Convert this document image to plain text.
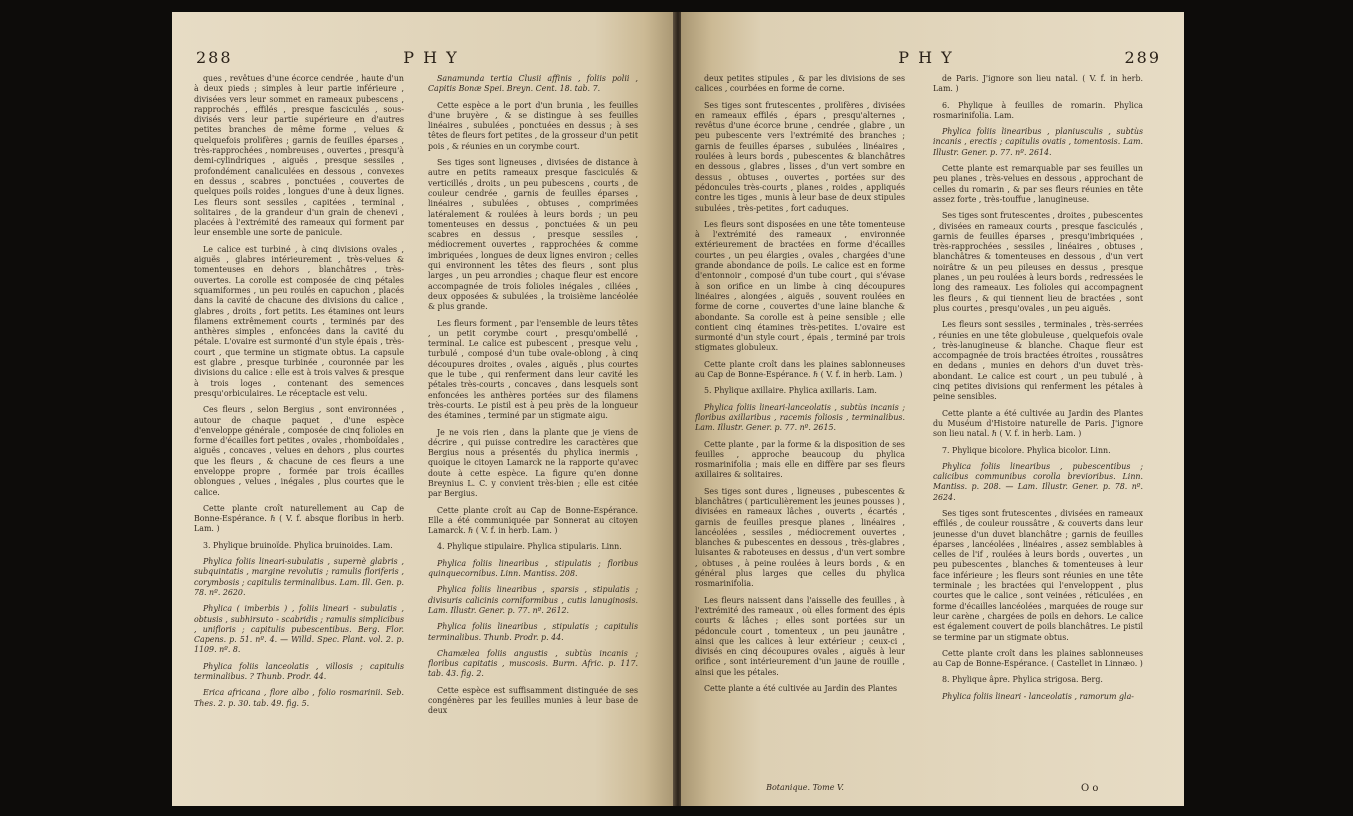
P H Y
288

ques , revêtues d'une écorce cendrée , haute d'un à deux pieds ; simples à leur partie inférieure , divisées vers leur sommet en rameaux pubescens , rapprochés , effilés , presque fasciculés , sous-divisés vers leur partie supérieure en d'autres petites branches de même forme , velues & quelquefois prolifères ; garnis de feuilles éparses , très-rapprochées , nombreuses , ouvertes , presqu'à demi-cylindriques , aiguës , presque sessiles , profondément canaliculées en dessous , convexes en dessus , scabres , ponctuées , couvertes de quelques poils roides , longues d'une à deux lignes. Les fleurs sont sessiles , capitées , terminal , solitaires , de la grandeur d'un grain de chenevi , placées à l'extrémité des rameaux qui forment par leur ensemble une sorte de panicule.

Le calice est turbiné , à cinq divisions ovales , aiguës , glabres intérieurement , très-velues & tomenteuses en dehors , blanchâtres , très-ouvertes. La corolle est composée de cinq pétales squamiformes , un peu roulés en capuchon , placés dans la cavité de chacune des divisions du calice , glabres , droits , fort petits. Les étamines ont leurs filamens extrêmement courts , terminés par des anthères simples , enfoncées dans la cavité du pétale. L'ovaire est surmonté d'un style épais , très-court , que termine un stigmate obtus. La capsule est glabre , presque turbinée , couronnée par les divisions du calice : elle est à trois valves & presque à trois loges , contenant des semences presqu'orbiculaires. Le réceptacle est velu.

Ces fleurs , selon Bergius , sont environnées , autour de chaque paquet , d'une espèce d'enveloppe générale , composée de cinq folioles en forme d'écailles fort petites , ovales , rhomboïdales , aiguës , concaves , velues en dehors , plus courtes que les fleurs , & chacune de ces fleurs a une enveloppe propre , formée par trois écailles oblongues , velues , inégales , plus courtes que le calice.

Cette plante croît naturellement au Cap de Bonne-Espérance. ℏ ( V. f. absque floribus in herb. Lam. )

3. Phylique bruinoïde. Phylica bruinoides. Lam.

Phylica foliis lineari-subulatis , supernè glabris , subquintatis , margine revolutis ; ramulis floriferis , corymbosis ; capitulis terminalibus. Lam. Ill. Gen. p. 78. nº. 2620.

Phylica ( imberbis ) , foliis lineari - subulatis , obtusis , subhirsuto - scabridis ; ramulis simplicibus , unifloris ; capitulis pubescentibus. Berg. Flor. Capens. p. 51. nº. 4. — Willd. Spec. Plant. vol. 2. p. 1109. nº. 8.

Phylica foliis lanceolatis , villosis ; capitulis terminalibus. ? Thunb. Prodr. 44.

Erica africana , flore albo , folio rosmarinii. Seb. Thes. 2. p. 30. tab. 49. fig. 5.

Sanamunda tertia Clusii affinis , foliis polii , Capitis Bonæ Spei. Breyn. Cent. 18. tab. 7.

Cette espèce a le port d'un brunia , les feuilles d'une bruyère , & se distingue à ses feuilles linéaires , subulées , ponctuées en dessus ; à ses têtes de fleurs fort petites , de la grosseur d'un petit pois , & réunies en un corymbe court.

Ses tiges sont ligneuses , divisées de distance à autre en petits rameaux presque fasciculés & verticillés , droits , un peu pubescens , courts , de couleur cendrée , garnis de feuilles éparses , linéaires , subulées , obtuses , comprimées latéralement & roulées à leurs bords ; un peu tomenteuses en dessus , ponctuées & un peu scabres en dessus , presque sessiles , médiocrement ouvertes , rapprochées & comme imbriquées , longues de deux lignes environ ; celles qui environnent les têtes des fleurs , sont plus larges , un peu arrondies ; chaque fleur est encore accompagnée de trois folioles inégales , ciliées , deux opposées & subulées , la troisième lancéolée & plus grande.

Les fleurs forment , par l'ensemble de leurs têtes , un petit corymbe court , presqu'ombellé , terminal. Le calice est pubescent , presque velu , turbulé , composé d'un tube ovale-oblong , à cinq découpures droites , ovales , aiguës , plus courtes que le tube , qui renferment dans leur cavité les pétales très-courts , concaves , dans lesquels sont enfoncées les anthères portées sur des filamens très-courts. Le pistil est à peu près de la longueur des étamines , terminé par un stigmate aigu.

Je ne vois rien , dans la plante que je viens de décrire , qui puisse contredire les caractères que Bergius nous a présentés du phylica inermis , quoique le citoyen Lamarck ne la rapporte qu'avec doute à cette espèce. La figure qu'en donne Breynius L. C. y convient très-bien ; elle est citée par Bergius.

Cette plante croît au Cap de Bonne-Espérance. Elle a été communiquée par Sonnerat au citoyen Lamarck. ℏ ( V. f. in herb. Lam. )

4. Phylique stipulaire. Phylica stipularis. Linn.

Phylica foliis linearibus , stipulatis ; floribus quinquecornibus. Linn. Mantiss. 208.

Phylica foliis linearibus , sparsis , stipulatis ; divisuris calicinis corniformibus , cutis lanuginosis. Lam. Illustr. Gener. p. 77. nº. 2612.

Phylica foliis linearibus , stipulatis ; capitulis terminalibus. Thunb. Prodr. p. 44.

Chamælea foliis angustis , subtùs incanis ; floribus capitatis , muscosis. Burm. Afric. p. 117. tab. 43. fig. 2.

Cette espèce est suffisamment distinguée de ses congénères par les feuilles munies à leur base de deux

P H Y	289

deux petites stipules , & par les divisions de ses calices , courbées en forme de corne.

Ses tiges sont frutescentes , prolifères , divisées en rameaux effilés , épars , presqu'alternes , revêtus d'une écorce brune , cendrée , glabre , un peu pubescente vers l'extrémité des branches ; garnis de feuilles éparses , subulées , linéaires , roulées à leurs bords , pubescentes & blanchâtres en dessous , glabres , lisses , d'un vert sombre en dessus , obtuses , ouvertes , portées sur des pédoncules très-courts , planes , roides , appliqués contre les tiges , munis à leur base de deux stipules subulées , très-petites , fort caduques.

Les fleurs sont disposées en une tête tomenteuse à l'extrémité des rameaux , environnée extérieurement de bractées en forme d'écailles courtes , un peu élargies , ovales , chargées d'une grande abondance de poils. Le calice est en forme d'entonnoir , composé d'un tube court , qui s'évase à son orifice en un limbe à cinq découpures linéaires , alongées , aiguës , souvent roulées en forme de corne , couvertes d'une laine blanche & abondante. Sa corolle est à peine sensible ; elle contient cinq étamines très-petites. L'ovaire est surmonté d'un style court , épais , terminé par trois stigmates globuleux.

Cette plante croît dans les plaines sablonneuses au Cap de Bonne-Espérance. ℏ ( V. f. in herb. Lam. )

5. Phylique axillaire. Phylica axillaris. Lam.

Phylica foliis lineari-lanceolatis , subtùs incanis ; floribus axillaribus , racemis foliosis , terminalibus. Lam. Illustr. Gener. p. 77. nº. 2615.

Cette plante , par la forme & la disposition de ses feuilles , approche beaucoup du phylica rosmarinifolia ; mais elle en diffère par ses fleurs axillaires & solitaires.

Ses tiges sont dures , ligneuses , pubescentes & blanchâtres ( particulièrement les jeunes pousses ) , divisées en rameaux lâches , ouverts , écartés , garnis de feuilles presque planes , linéaires , lancéolées , sessiles , médiocrement ouvertes , blanches & pubescentes en dessous , très-glabres , luisantes & raboteuses en dessus , d'un vert sombre , obtuses , à peine roulées à leurs bords , & en général plus larges que celles du phylica rosmarinifolia.

Les fleurs naissent dans l'aisselle des feuilles , à l'extrémité des rameaux , où elles forment des épis courts & lâches ; elles sont portées sur un pédoncule court , tomenteux , un peu jaunâtre , ainsi que les calices à leur extérieur ; ceux-ci , divisés en cinq découpures ovales , aiguës à leur orifice , sont intérieurement d'un jaune de rouille , ainsi que les pétales.

Cette plante a été cultivée au Jardin des Plantes

de Paris. J'ignore son lieu natal. ( V. f. in herb. Lam. )

6. Phylique à feuilles de romarin. Phylica rosmarinifolia. Lam.

Phylica foliis linearibus , planiusculis , subtùs incanis , erectis ; capitulis ovatis , tomentosis. Lam. Illustr. Gener. p. 77. nº. 2614.

Cette plante est remarquable par ses feuilles un peu planes , très-velues en dessous , approchant de celles du romarin , & par ses fleurs réunies en tête assez forte , très-touffue , lanugineuse.

Ses tiges sont frutescentes , droites , pubescentes , divisées en rameaux courts , presque fasciculés , garnis de feuilles éparses , presqu'imbriquées , très-rapprochées , sessiles , linéaires , obtuses , blanchâtres & tomenteuses en dessous , d'un vert noirâtre & un peu pileuses en dessus , presque planes , un peu roulées à leurs bords , redressées le long des rameaux. Les folioles qui accompagnent les fleurs , & qui tiennent lieu de bractées , sont plus courtes , presqu'ovales , un peu aiguës.

Les fleurs sont sessiles , terminales , très-serrées , réunies en une tête globuleuse , quelquefois ovale , très-lanugineuse & blanche. Chaque fleur est accompagnée de trois bractées étroites , roussâtres en dedans , munies en dehors d'un duvet très-abondant. Le calice est court , un peu tubulé , à cinq petites divisions qui renferment les pétales à peine sensibles.

Cette plante a été cultivée au Jardin des Plantes du Muséum d'Histoire naturelle de Paris. J'ignore son lieu natal. ℏ ( V. f. in herb. Lam. )

7. Phylique bicolore. Phylica bicolor. Linn.

Phylica foliis linearibus , pubescentibus ; calicibus communibus corolla brevioribus. Linn. Mantiss. p. 208. — Lam. Illustr. Gener. p. 78. nº. 2624.

Ses tiges sont frutescentes , divisées en rameaux effilés , de couleur roussâtre , & couverts dans leur jeunesse d'un duvet blanchâtre ; garnis de feuilles éparses , lancéolées , linéaires , assez semblables à celles de l'if , roulées à leurs bords , ouvertes , un peu pubescentes , blanches & tomenteuses à leur face inférieure ; les fleurs sont réunies en une tête terminale ; les bractées qui l'enveloppent , plus courtes que le calice , sont veinées , réticulées , en forme d'écailles lancéolées , marquées de rouge sur leur carène , chargées de poils en dehors. Le calice est également couvert de poils blanchâtres. Le pistil se termine par un stigmate obtus.

Cette plante croît dans les plaines sablonneuses au Cap de Bonne-Espérance. ( Castellet in Linnæo. )

8. Phylique âpre. Phylica strigosa. Berg.

Phylica foliis lineari - lanceolatis , ramorum gla-

Botanique. Tome V.	O o
